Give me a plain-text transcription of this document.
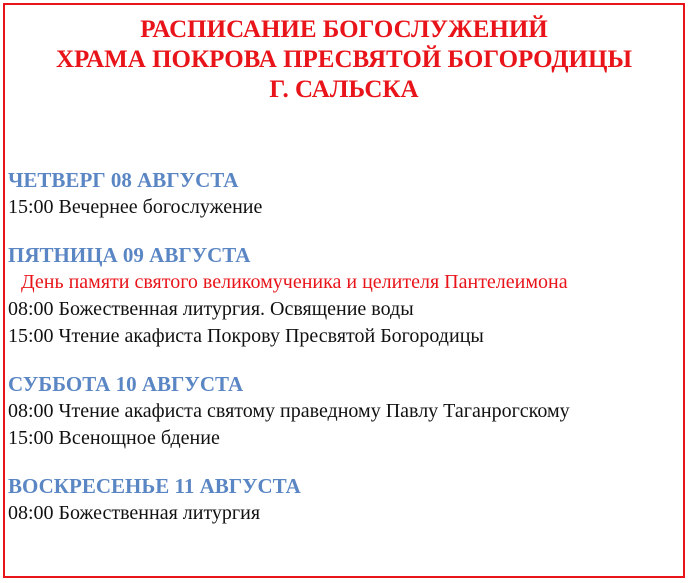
РАСПИСАНИЕ БОГОСЛУЖЕНИЙ
ХРАМА ПОКРОВА ПРЕСВЯТОЙ БОГОРОДИЦЫ
Г. САЛЬСКА
ЧЕТВЕРГ 08 АВГУСТА
15:00 Вечернее богослужение
ПЯТНИЦА 09 АВГУСТА
День памяти святого великомученика и целителя Пантелеимона
08:00 Божественная литургия. Освящение воды
15:00 Чтение акафиста Покрову Пресвятой Богородицы
СУББОТА 10 АВГУСТА
08:00 Чтение акафиста святому праведному Павлу Таганрогскому
15:00 Всенощное бдение
ВОСКРЕСЕНЬЕ 11 АВГУСТА
08:00 Божественная литургия
